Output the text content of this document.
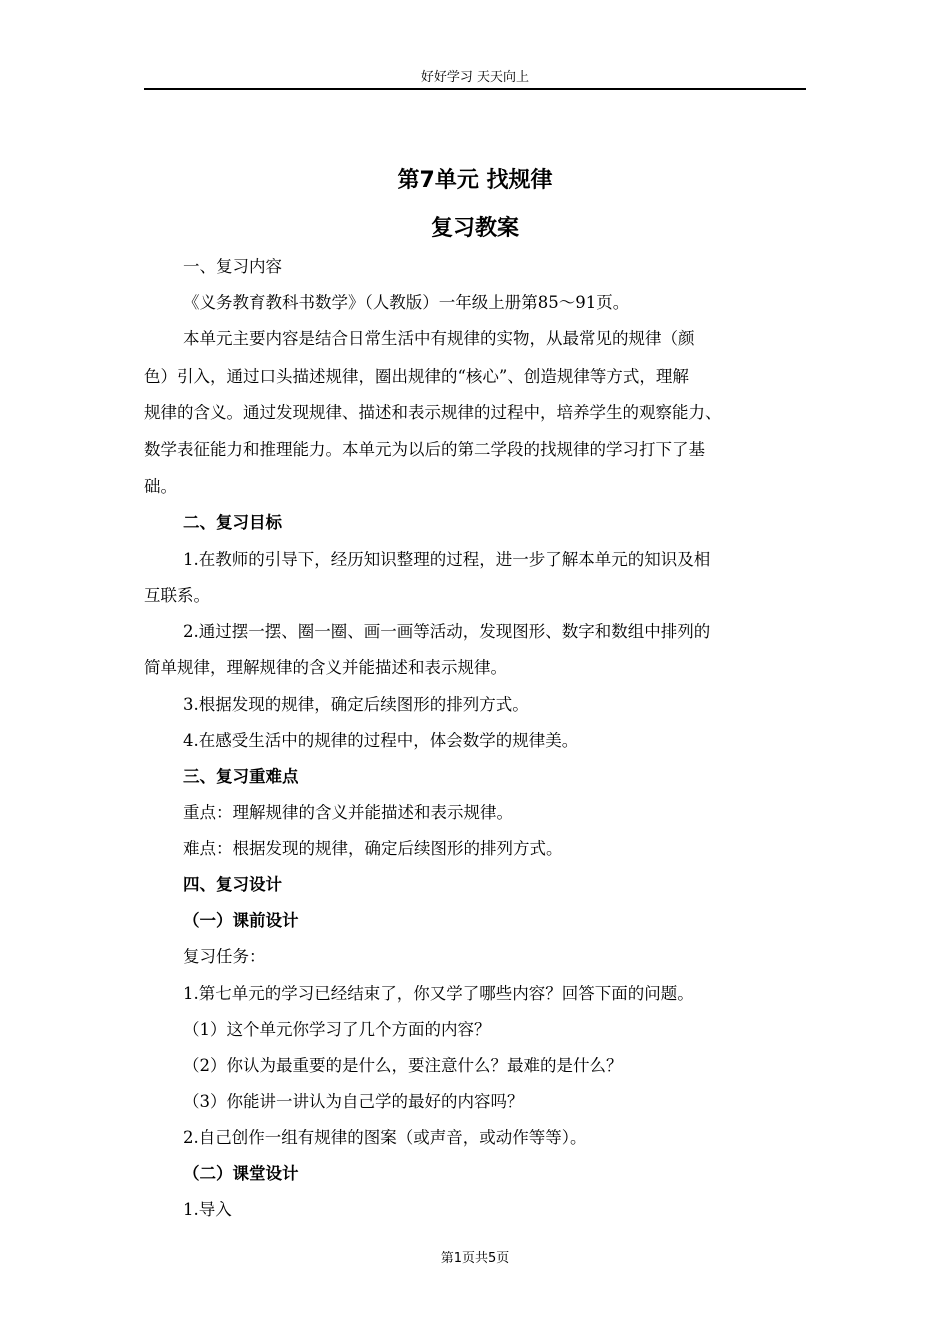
好好学习 天天向上
第7单元 找规律
复习教案
一、复习内容
《义务教育教科书数学》（人教版）一年级上册第85～91页。
本单元主要内容是结合日常生活中有规律的实物，从最常见的规律（颜
色）引入，通过口头描述规律，圈出规律的“核心”、创造规律等方式，理解
规律的含义。通过发现规律、描述和表示规律的过程中，培养学生的观察能力、
数学表征能力和推理能力。本单元为以后的第二学段的找规律的学习打下了基
础。
二、复习目标
1.在教师的引导下，经历知识整理的过程，进一步了解本单元的知识及相
互联系。
2.通过摆一摆、圈一圈、画一画等活动，发现图形、数字和数组中排列的
简单规律，理解规律的含义并能描述和表示规律。
3.根据发现的规律，确定后续图形的排列方式。
4.在感受生活中的规律的过程中，体会数学的规律美。
三、复习重难点
重点：理解规律的含义并能描述和表示规律。
难点：根据发现的规律，确定后续图形的排列方式。
四、复习设计
（一）课前设计
复习任务：
1.第七单元的学习已经结束了，你又学了哪些内容？回答下面的问题。
（1）这个单元你学习了几个方面的内容？
（2）你认为最重要的是什么，要注意什么？最难的是什么？
（3）你能讲一讲认为自己学的最好的内容吗？
2.自己创作一组有规律的图案（或声音，或动作等等）。
（二）课堂设计
1.导入
第1页共5页
